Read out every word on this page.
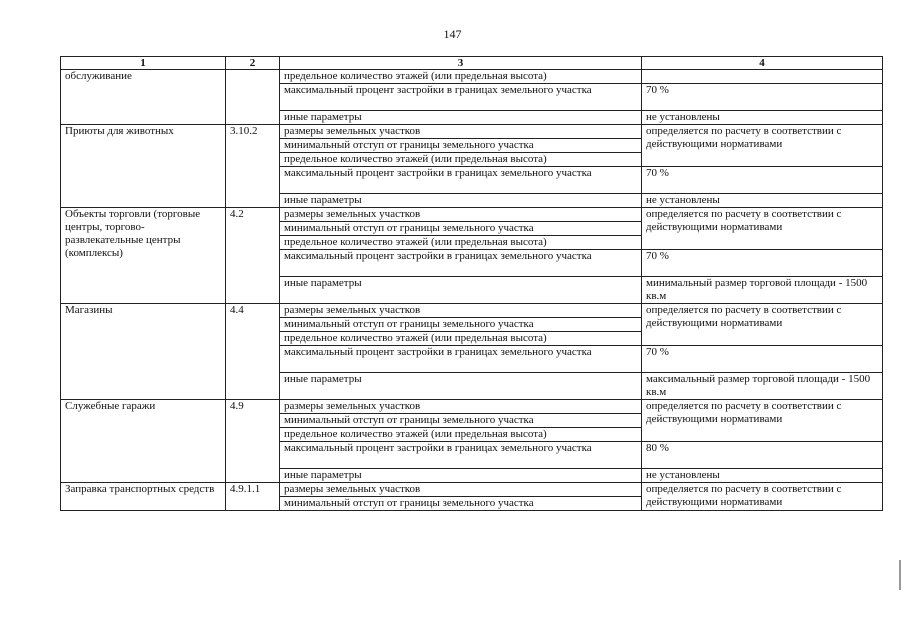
147
1	2	3	4
обслуживание		предельное количество этажей (или предельная высота)	
		максимальный процент застройки в границах земельного участка	70 %
		иные параметры	не установлены
Приюты для животных	3.10.2	размеры земельных участков	определяется по расчету в соответствии с действующими нормативами
		минимальный отступ от границы земельного участка	
		предельное количество этажей (или предельная высота)	
		максимальный процент застройки в границах земельного участка	70 %
		иные параметры	не установлены
Объекты торговли (торговые центры, торгово-развлекательные центры (комплексы)	4.2	размеры земельных участков	определяется по расчету в соответствии с действующими нормативами
		минимальный отступ от границы земельного участка	
		предельное количество этажей (или предельная высота)	
		максимальный процент застройки в границах земельного участка	70 %
		иные параметры	минимальный размер торговой площади - 1500 кв.м
Магазины	4.4	размеры земельных участков	определяется по расчету в соответствии с действующими нормативами
		минимальный отступ от границы земельного участка	
		предельное количество этажей (или предельная высота)	
		максимальный процент застройки в границах земельного участка	70 %
		иные параметры	максимальный размер торговой площади - 1500 кв.м
Служебные гаражи	4.9	размеры земельных участков	определяется по расчету в соответствии с действующими нормативами
		минимальный отступ от границы земельного участка	
		предельное количество этажей (или предельная высота)	
		максимальный процент застройки в границах земельного участка	80 %
		иные параметры	не установлены
Заправка транспортных средств	4.9.1.1	размеры земельных участков	определяется по расчету в соответствии с действующими нормативами
		минимальный отступ от границы земельного участка	
